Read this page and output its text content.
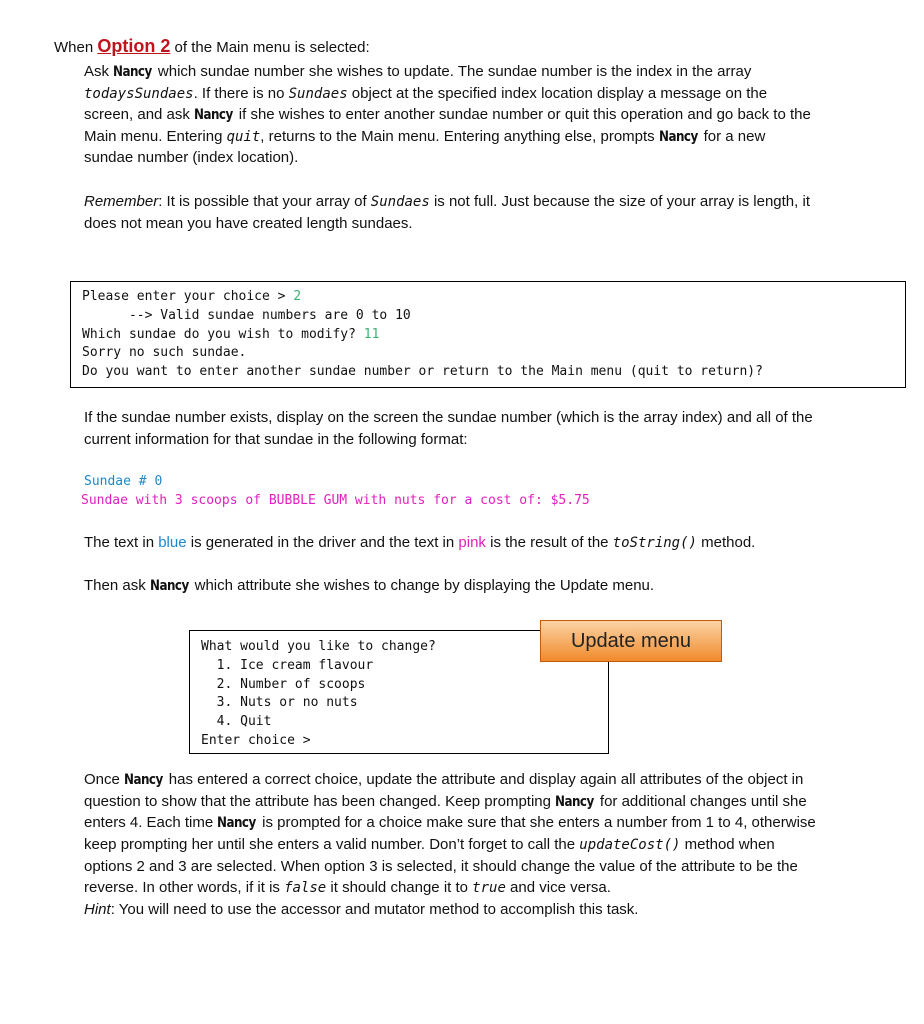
When Option 2 of the Main menu is selected:

Ask Nancy which sundae number she wishes to update. The sundae number is the index in the array

todaysSundaes. If there is no Sundaes object at the specified index location display a message on the

screen, and ask Nancy if she wishes to enter another sundae number or quit this operation and go back to the

Main menu. Entering quit, returns to the Main menu. Entering anything else, prompts Nancy for a new

sundae number (index location).

Remember: It is possible that your array of Sundaes is not full. Just because the size of your array is length, it

does not mean you have created length sundaes.

Please enter your choice > 2
--> Valid sundae numbers are 0 to 10
Which sundae do you wish to modify? 11
Sorry no such sundae.
Do you want to enter another sundae number or return to the Main menu (quit to return)?

If the sundae number exists, display on the screen the sundae number (which is the array index) and all of the

current information for that sundae in the following format:

Sundae # 0

Sundae with 3 scoops of BUBBLE GUM with nuts for a cost of: $5.75

The text in blue is generated in the driver and the text in pink is the result of the toString() method.

Then ask Nancy which attribute she wishes to change by displaying the Update menu.

What would you like to change?
1. Ice cream flavour
2. Number of scoops
3. Nuts or no nuts
4. Quit
Enter choice >
Update menu

Once Nancy has entered a correct choice, update the attribute and display again all attributes of the object in

question to show that the attribute has been changed. Keep prompting Nancy for additional changes until she

enters 4. Each time Nancy is prompted for a choice make sure that she enters a number from 1 to 4, otherwise

keep prompting her until she enters a valid number. Don’t forget to call the updateCost() method when

options 2 and 3 are selected. When option 3 is selected, it should change the value of the attribute to be the

reverse. In other words, if it is false it should change it to true and vice versa.

Hint: You will need to use the accessor and mutator method to accomplish this task.
